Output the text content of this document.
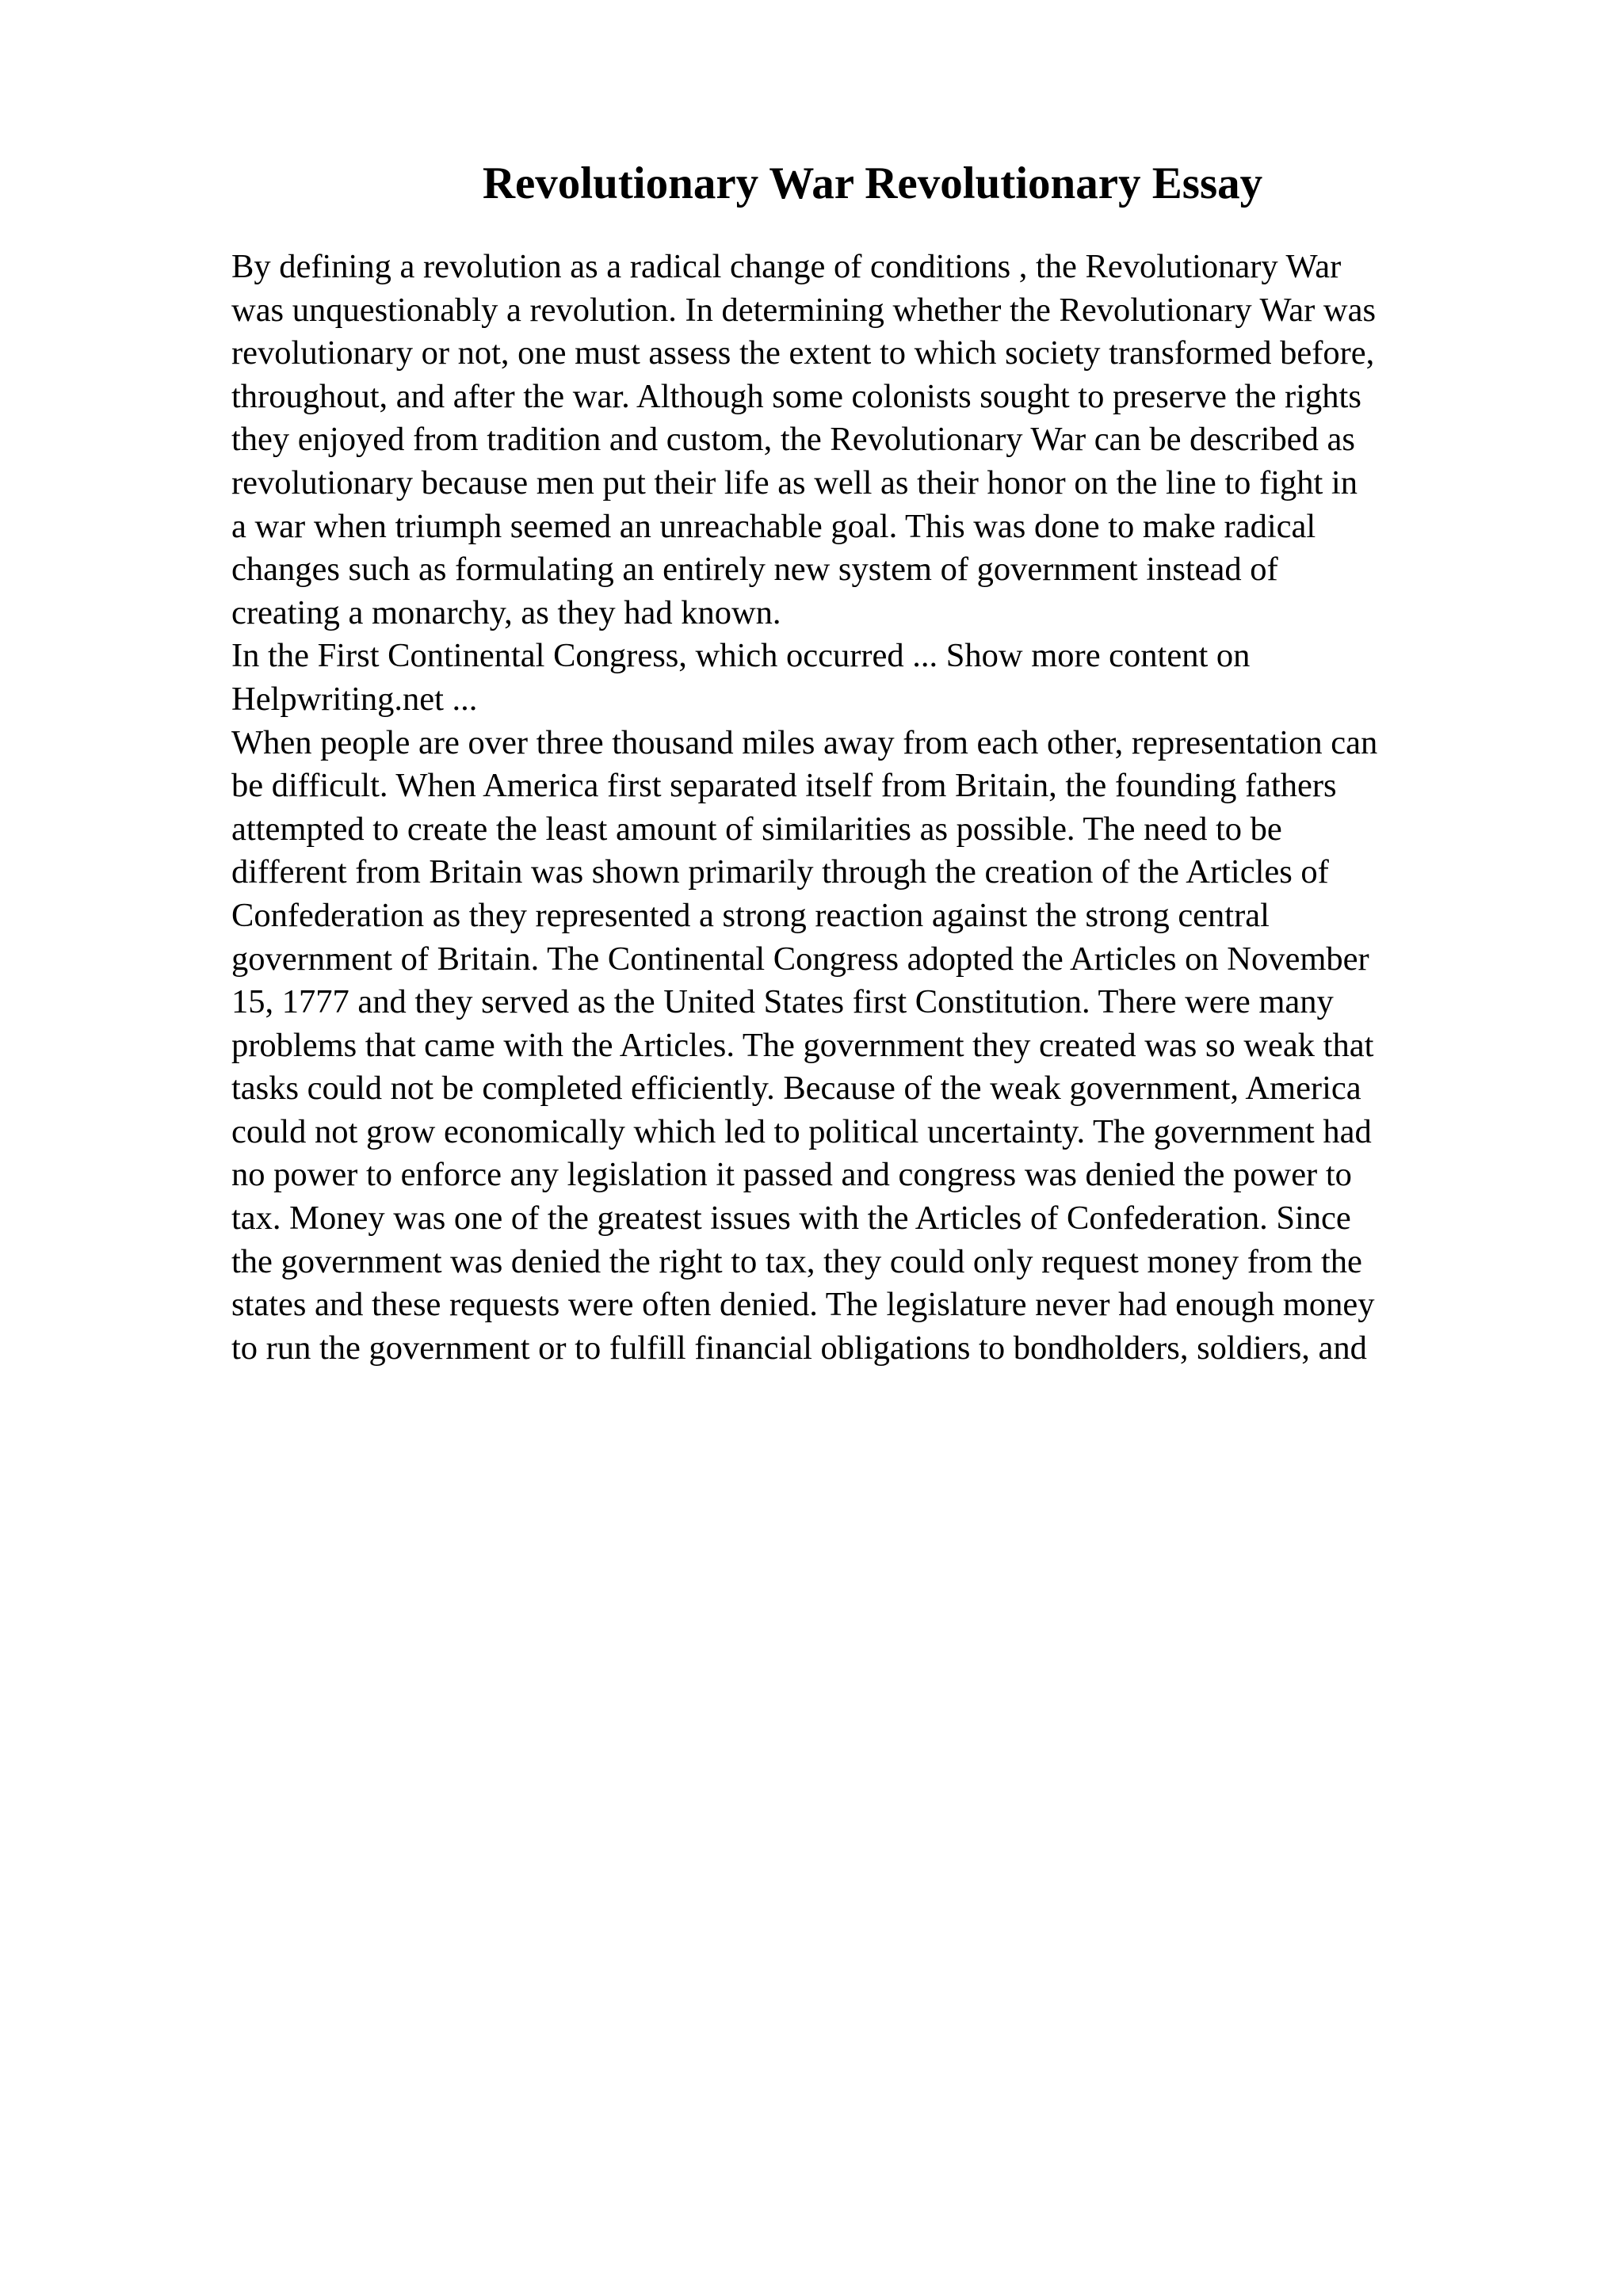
Revolutionary War Revolutionary Essay
By defining a revolution as a radical change of conditions , the Revolutionary War
was unquestionably a revolution. In determining whether the Revolutionary War was
revolutionary or not, one must assess the extent to which society transformed before,
throughout, and after the war. Although some colonists sought to preserve the rights
they enjoyed from tradition and custom, the Revolutionary War can be described as
revolutionary because men put their life as well as their honor on the line to fight in
a war when triumph seemed an unreachable goal. This was done to make radical
changes such as formulating an entirely new system of government instead of
creating a monarchy, as they had known.
In the First Continental Congress, which occurred ... Show more content on
Helpwriting.net ...
When people are over three thousand miles away from each other, representation can
be difficult. When America first separated itself from Britain, the founding fathers
attempted to create the least amount of similarities as possible. The need to be
different from Britain was shown primarily through the creation of the Articles of
Confederation as they represented a strong reaction against the strong central
government of Britain. The Continental Congress adopted the Articles on November
15, 1777 and they served as the United States first Constitution. There were many
problems that came with the Articles. The government they created was so weak that
tasks could not be completed efficiently. Because of the weak government, America
could not grow economically which led to political uncertainty. The government had
no power to enforce any legislation it passed and congress was denied the power to
tax. Money was one of the greatest issues with the Articles of Confederation. Since
the government was denied the right to tax, they could only request money from the
states and these requests were often denied. The legislature never had enough money
to run the government or to fulfill financial obligations to bondholders, soldiers, and
